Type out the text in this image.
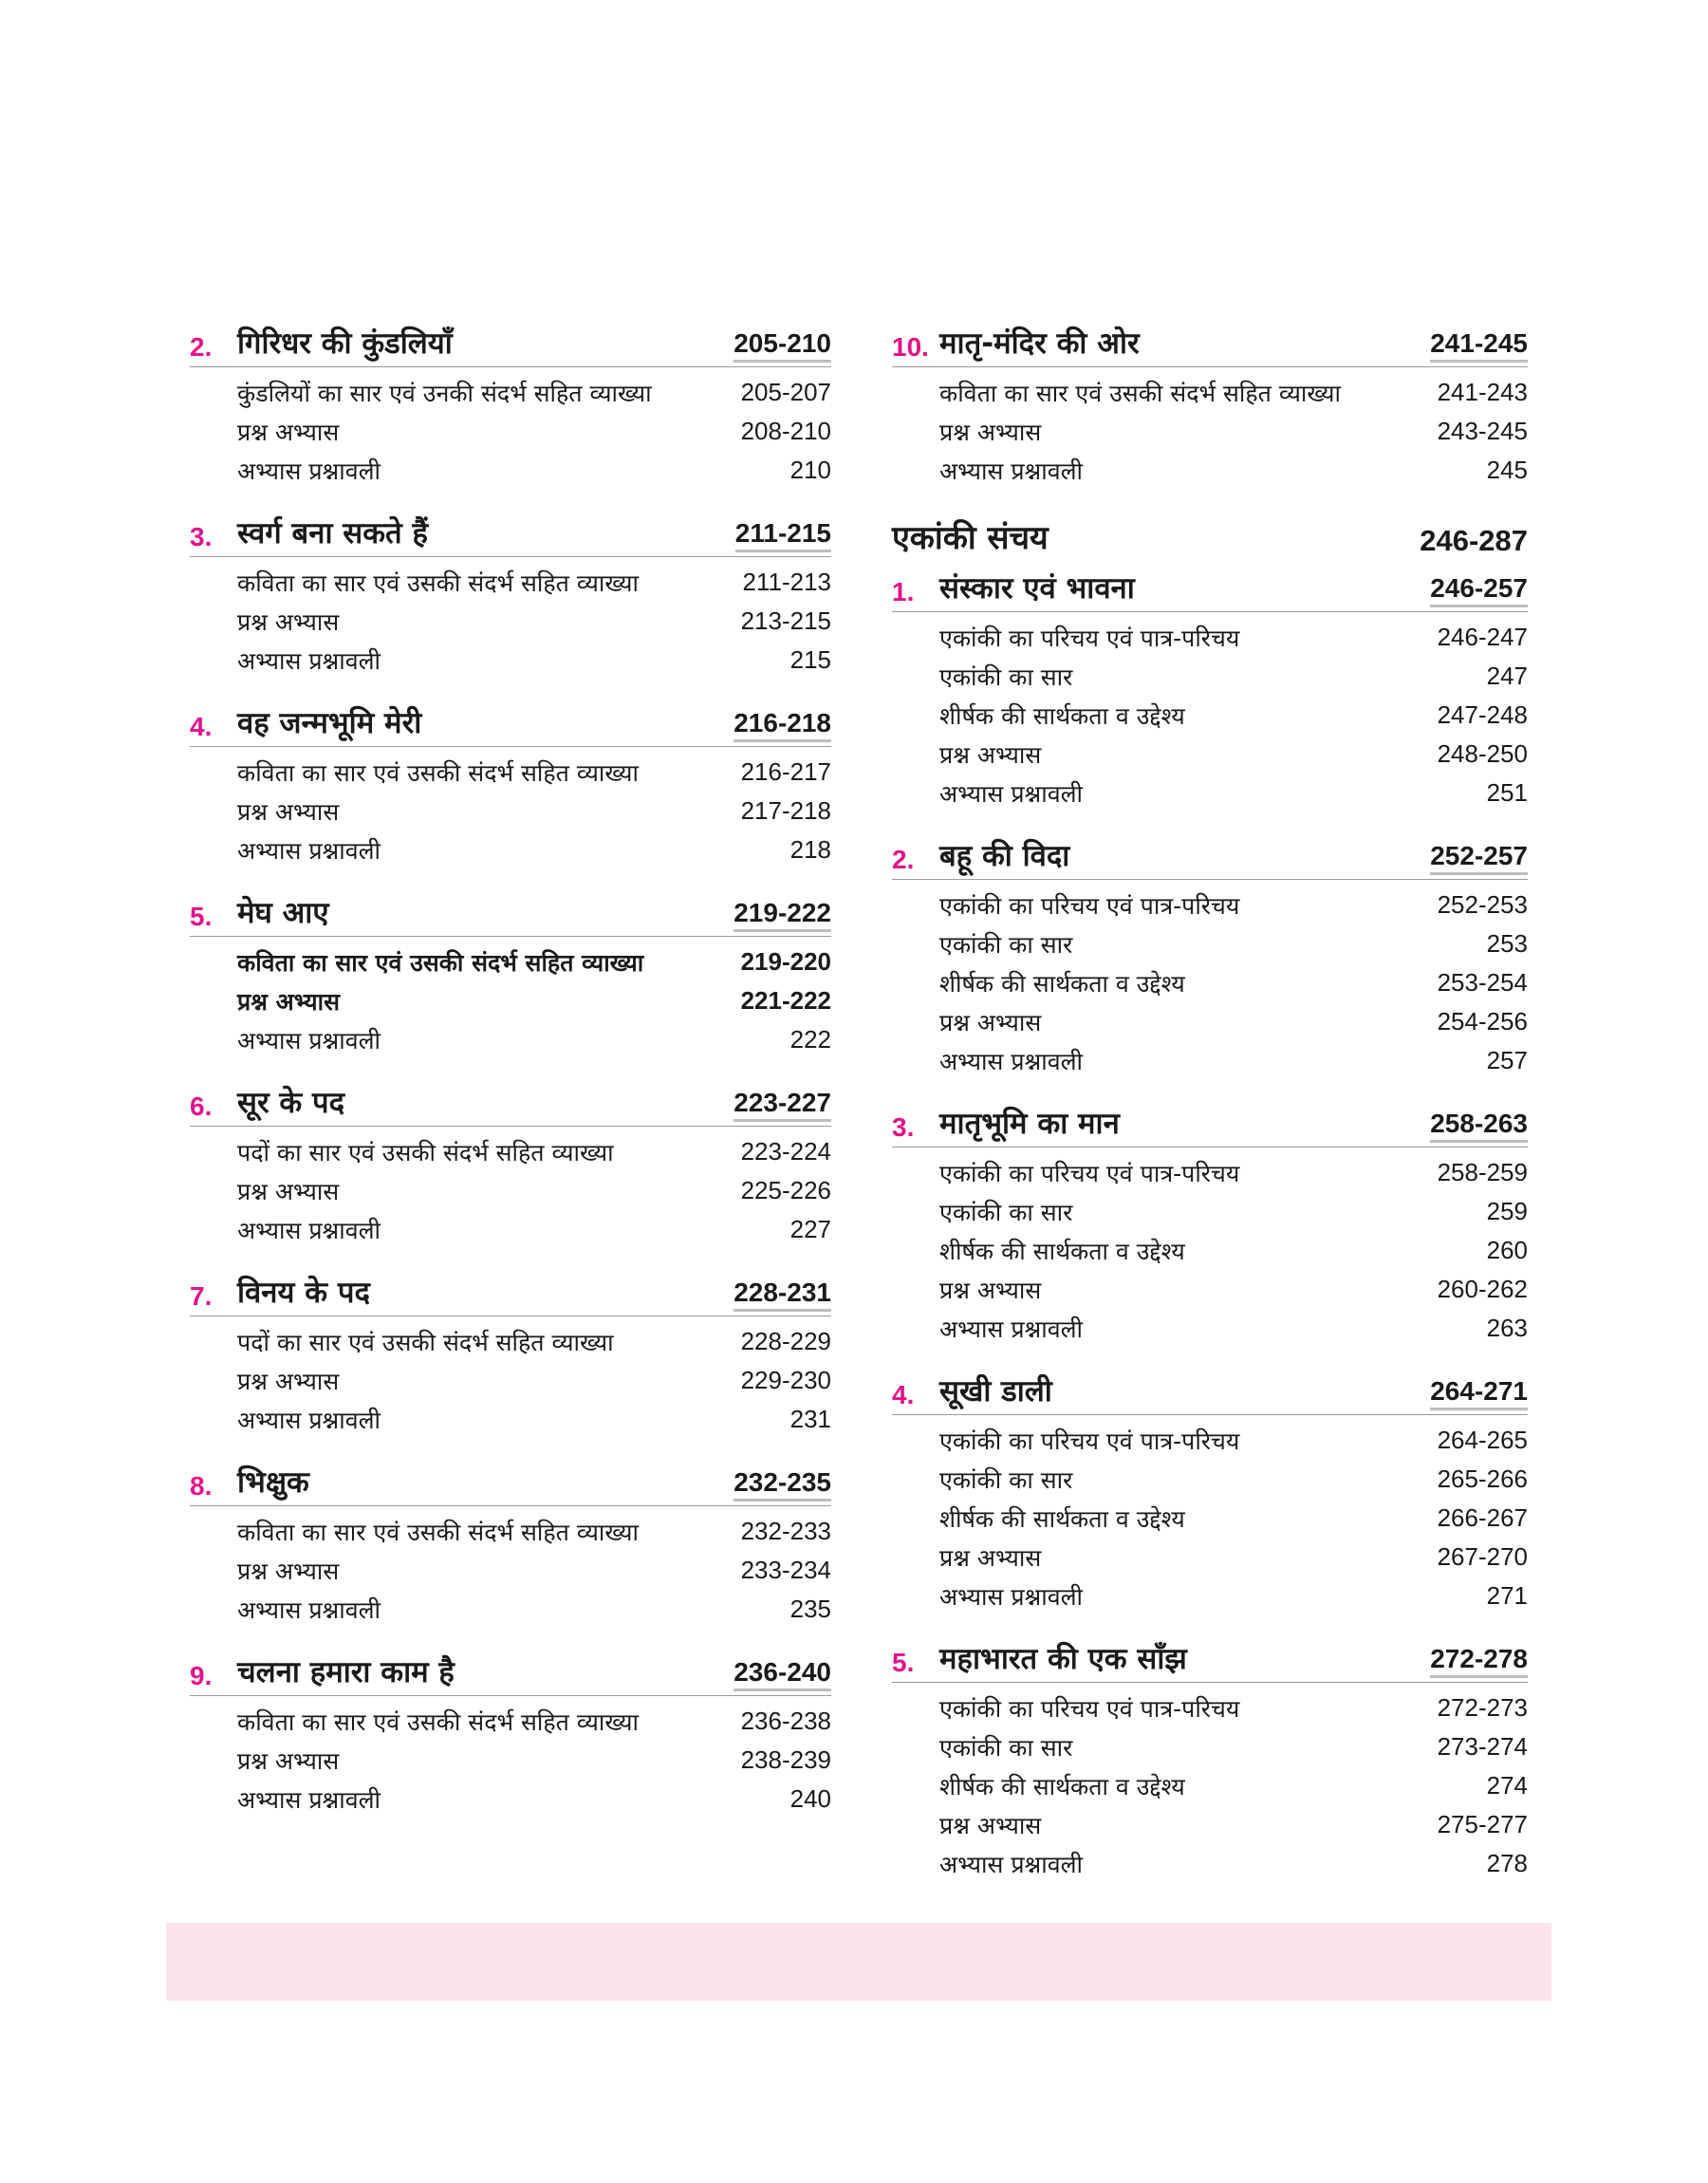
2. गिरिधर की कुंडलियाँ	205-210
कुंडलियों का सार एवं उनकी संदर्भ सहित व्याख्या	205-207
प्रश्न अभ्यास	208-210
अभ्यास प्रश्नावली	210
3. स्वर्ग बना सकते हैं	211-215
कविता का सार एवं उसकी संदर्भ सहित व्याख्या	211-213
प्रश्न अभ्यास	213-215
अभ्यास प्रश्नावली	215
4. वह जन्मभूमि मेरी	216-218
कविता का सार एवं उसकी संदर्भ सहित व्याख्या	216-217
प्रश्न अभ्यास	217-218
अभ्यास प्रश्नावली	218
5. मेघ आए	219-222
कविता का सार एवं उसकी संदर्भ सहित व्याख्या	219-220
प्रश्न अभ्यास	221-222
अभ्यास प्रश्नावली	222
6. सूर के पद	223-227
पदों का सार एवं उसकी संदर्भ सहित व्याख्या	223-224
प्रश्न अभ्यास	225-226
अभ्यास प्रश्नावली	227
7. विनय के पद	228-231
पदों का सार एवं उसकी संदर्भ सहित व्याख्या	228-229
प्रश्न अभ्यास	229-230
अभ्यास प्रश्नावली	231
8. भिक्षुक	232-235
कविता का सार एवं उसकी संदर्भ सहित व्याख्या	232-233
प्रश्न अभ्यास	233-234
अभ्यास प्रश्नावली	235
9. चलना हमारा काम है	236-240
कविता का सार एवं उसकी संदर्भ सहित व्याख्या	236-238
प्रश्न अभ्यास	238-239
अभ्यास प्रश्नावली	240
10. मातृ-मंदिर की ओर	241-245
कविता का सार एवं उसकी संदर्भ सहित व्याख्या	241-243
प्रश्न अभ्यास	243-245
अभ्यास प्रश्नावली	245
एकांकी संचय	246-287
1. संस्कार एवं भावना	246-257
एकांकी का परिचय एवं पात्र-परिचय	246-247
एकांकी का सार	247
शीर्षक की सार्थकता व उद्देश्य	247-248
प्रश्न अभ्यास	248-250
अभ्यास प्रश्नावली	251
2. बहू की विदा	252-257
एकांकी का परिचय एवं पात्र-परिचय	252-253
एकांकी का सार	253
शीर्षक की सार्थकता व उद्देश्य	253-254
प्रश्न अभ्यास	254-256
अभ्यास प्रश्नावली	257
3. मातृभूमि का मान	258-263
एकांकी का परिचय एवं पात्र-परिचय	258-259
एकांकी का सार	259
शीर्षक की सार्थकता व उद्देश्य	260
प्रश्न अभ्यास	260-262
अभ्यास प्रश्नावली	263
4. सूखी डाली	264-271
एकांकी का परिचय एवं पात्र-परिचय	264-265
एकांकी का सार	265-266
शीर्षक की सार्थकता व उद्देश्य	266-267
प्रश्न अभ्यास	267-270
अभ्यास प्रश्नावली	271
5. महाभारत की एक साँझ	272-278
एकांकी का परिचय एवं पात्र-परिचय	272-273
एकांकी का सार	273-274
शीर्षक की सार्थकता व उद्देश्य	274
प्रश्न अभ्यास	275-277
अभ्यास प्रश्नावली	278
